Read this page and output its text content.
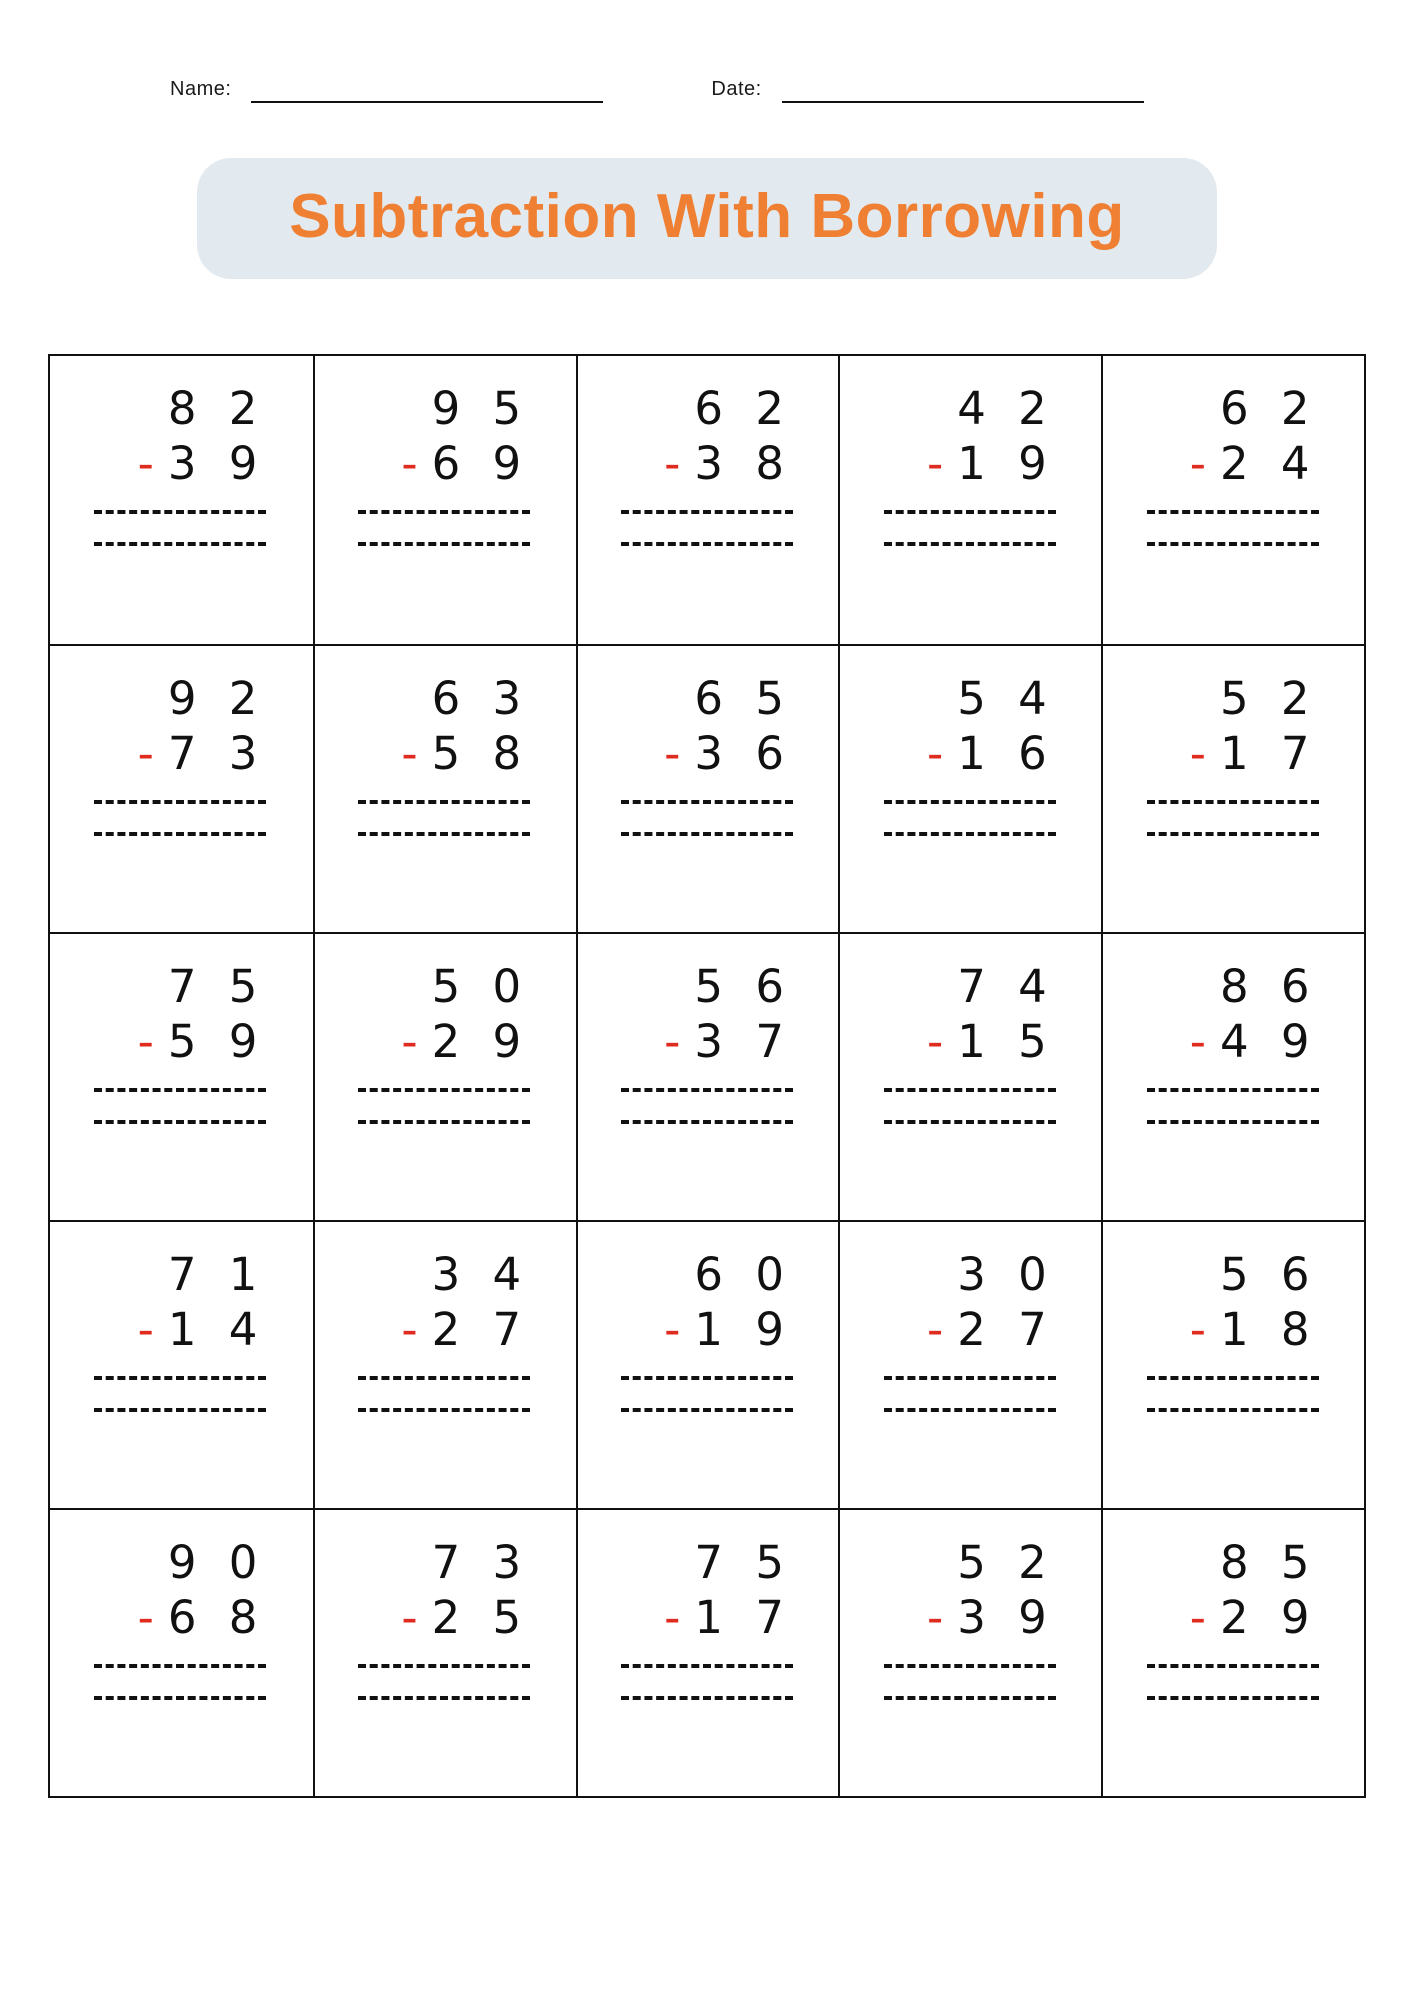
Name:	Date:
Subtraction With Borrowing
8 2
- 3 9
9 5
- 6 9
6 2
- 3 8
4 2
- 1 9
6 2
- 2 4
9 2
- 7 3
6 3
- 5 8
6 5
- 3 6
5 4
- 1 6
5 2
- 1 7
7 5
- 5 9
5 0
- 2 9
5 6
- 3 7
7 4
- 1 5
8 6
- 4 9
7 1
- 1 4
3 4
- 2 7
6 0
- 1 9
3 0
- 2 7
5 6
- 1 8
9 0
- 6 8
7 3
- 2 5
7 5
- 1 7
5 2
- 3 9
8 5
- 2 9
